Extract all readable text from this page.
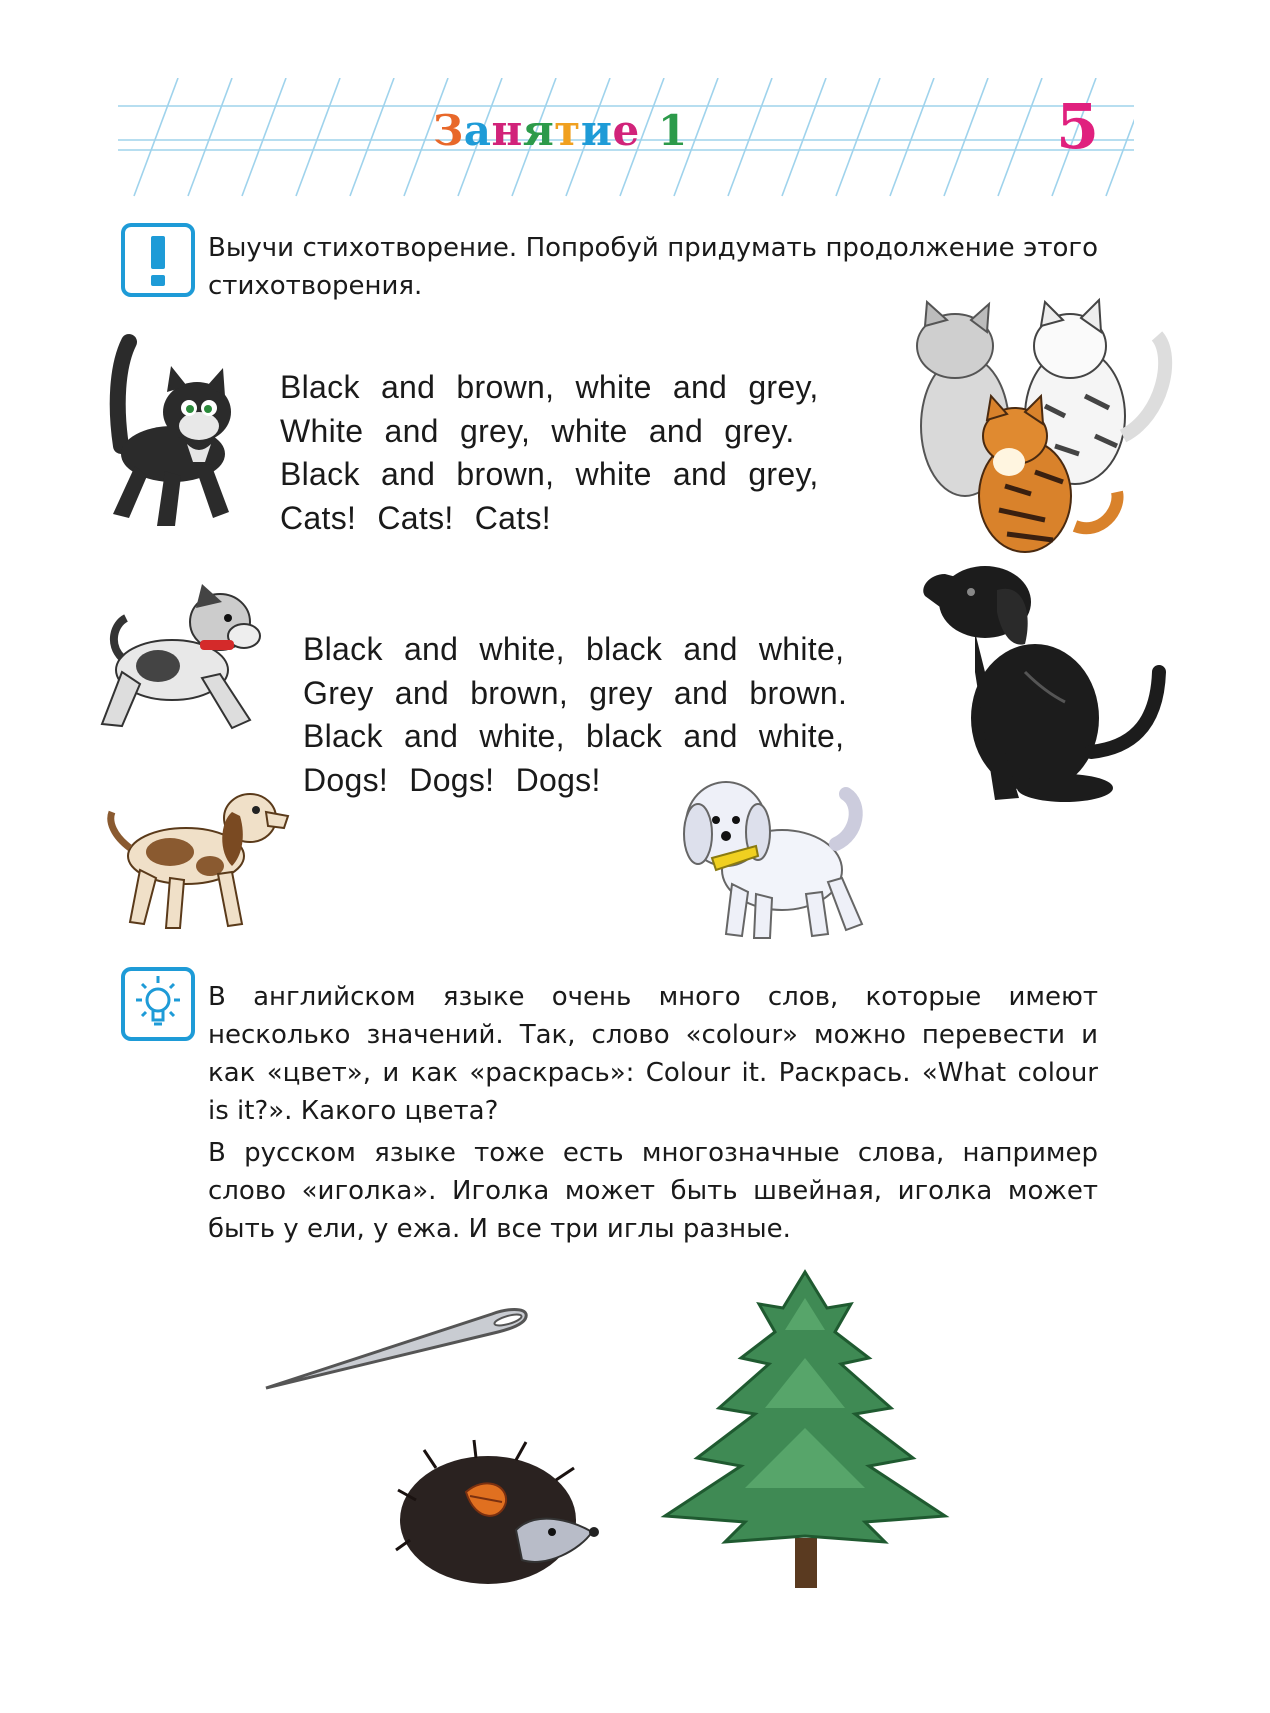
Занятие 1	5
Выучи стихотворение. Попробуй придумать продолжение этого стихотворения.
Black and brown, white and grey,
White and grey, white and grey.
Black and brown, white and grey,
Cats! Cats! Cats!
Black and white, black and white,
Grey and brown, grey and brown.
Black and white, black and white,
Dogs! Dogs! Dogs!
В английском языке очень много слов, которые имеют несколько значений. Так, слово «colour» можно перевести и как «цвет», и как «раскрась»: Colour it. Раскрась. «What colour is it?». Какого цвета?
В русском языке тоже есть многозначные слова, например слово «иголка». Иголка может быть швейная, иголка может быть у ели, у ежа. И все три иглы разные.
